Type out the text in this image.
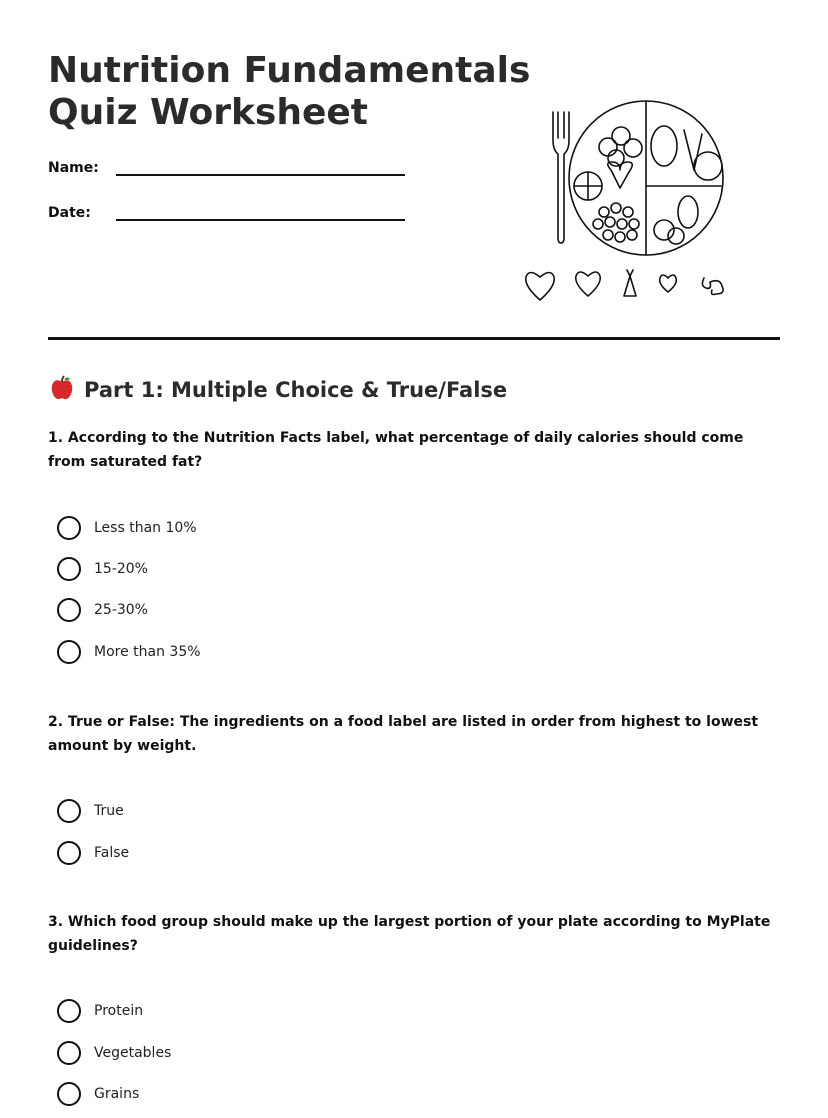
Nutrition Fundamentals
Quiz Worksheet
Name:
Date:
Part 1: Multiple Choice & True/False
1. According to the Nutrition Facts label, what percentage of daily calories should come from saturated fat?
Less than 10%
15-20%
25-30%
More than 35%
2. True or False: The ingredients on a food label are listed in order from highest to lowest amount by weight.
True
False
3. Which food group should make up the largest portion of your plate according to MyPlate guidelines?
Protein
Vegetables
Grains
